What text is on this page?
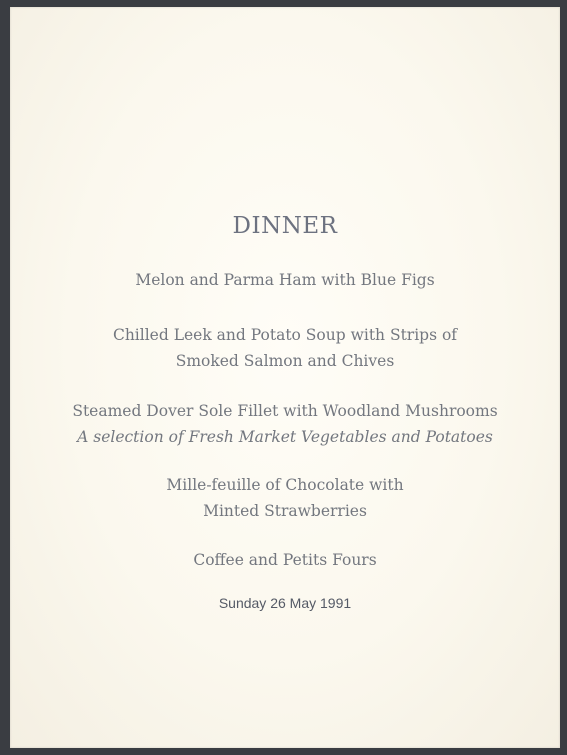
DINNER
Melon and Parma Ham with Blue Figs
Chilled Leek and Potato Soup with Strips of
Smoked Salmon and Chives
Steamed Dover Sole Fillet with Woodland Mushrooms
A selection of Fresh Market Vegetables and Potatoes
Mille-feuille of Chocolate with
Minted Strawberries
Coffee and Petits Fours
Sunday 26 May 1991
